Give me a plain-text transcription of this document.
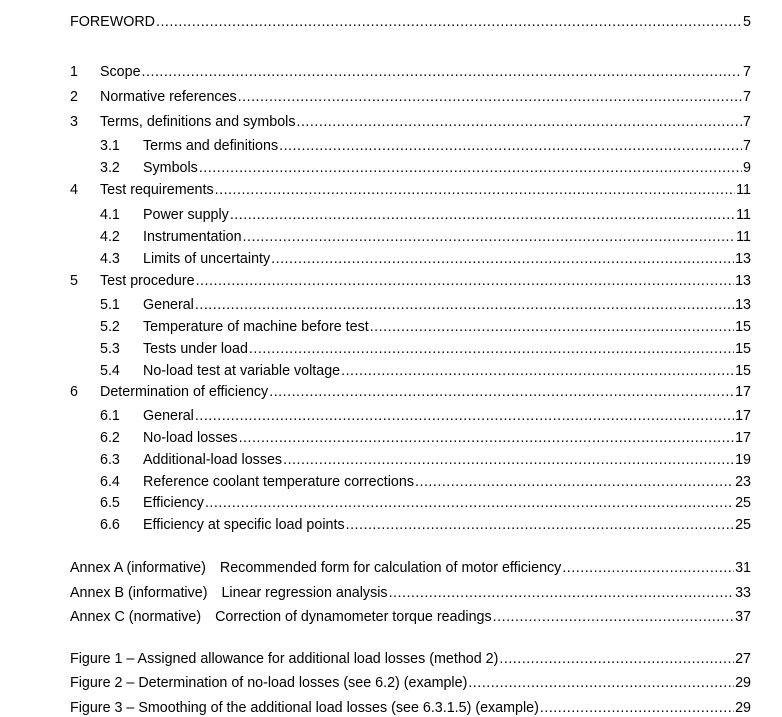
FOREWORD .....	5
1	Scope .....	7
2	Normative references .....	7
3	Terms, definitions and symbols .....	7
3.1	Terms and definitions .....	7
3.2	Symbols .....	9
4	Test requirements .....	11
4.1	Power supply .....	11
4.2	Instrumentation .....	11
4.3	Limits of uncertainty .....	13
5	Test procedure .....	13
5.1	General .....	13
5.2	Temperature of machine before test .....	15
5.3	Tests under load .....	15
5.4	No-load test at variable voltage .....	15
6	Determination of efficiency .....	17
6.1	General .....	17
6.2	No-load losses .....	17
6.3	Additional-load losses .....	19
6.4	Reference coolant temperature corrections .....	23
6.5	Efficiency .....	25
6.6	Efficiency at specific load points .....	25
Annex A (informative) Recommended form for calculation of motor efficiency .....	31
Annex B (informative) Linear regression analysis .....	33
Annex C (normative) Correction of dynamometer torque readings .....	37
Figure 1 – Assigned allowance for additional load losses (method 2) .....	27
Figure 2 – Determination of no-load losses (see 6.2) (example) .....	29
Figure 3 – Smoothing of the additional load losses (see 6.3.1.5) (example) .....	29
